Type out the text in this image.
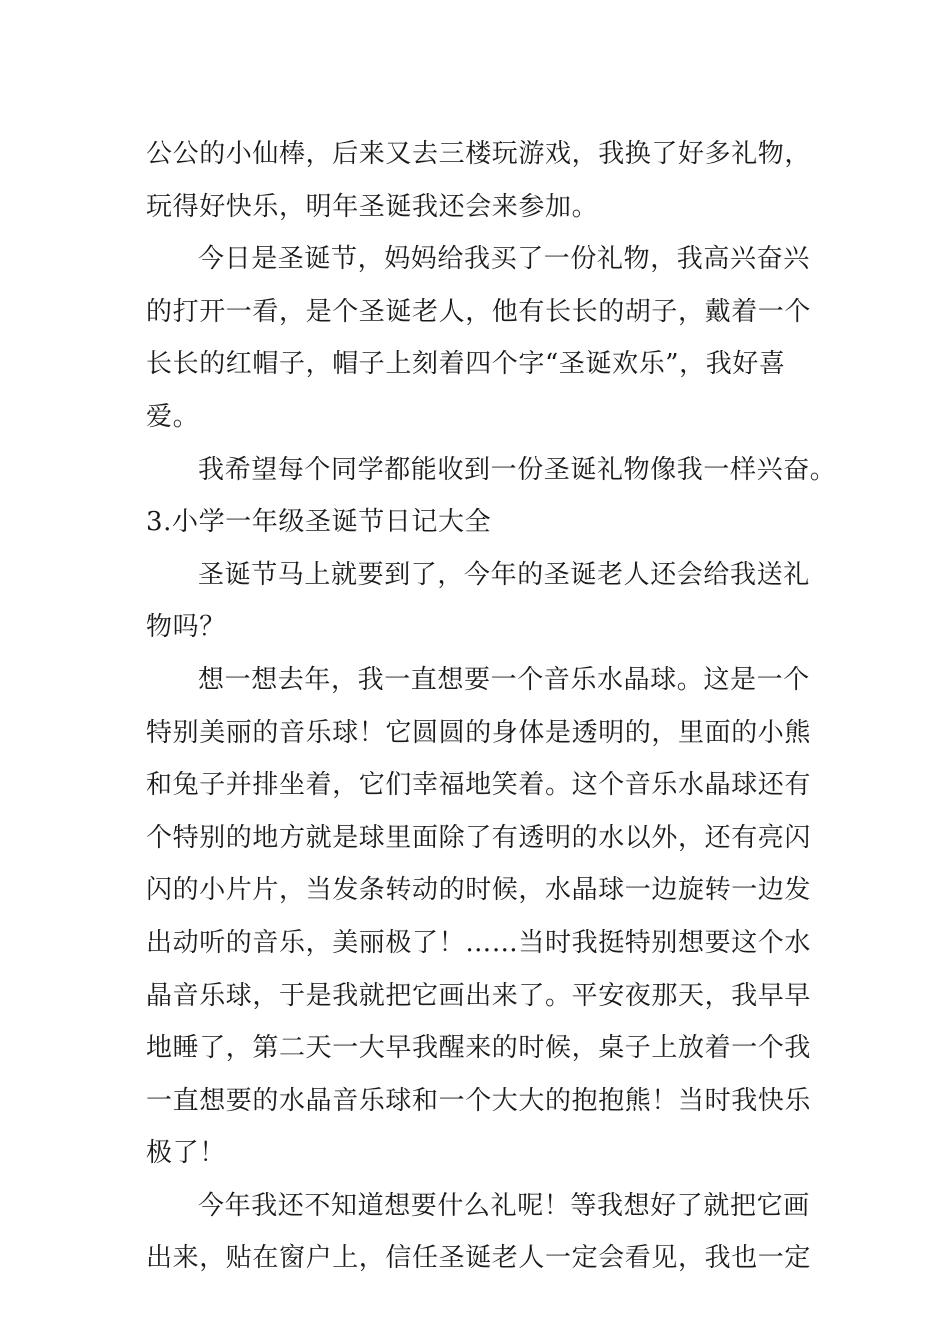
公公的小仙棒，后来又去三楼玩游戏，我换了好多礼物，
玩得好快乐，明年圣诞我还会来参加。
今日是圣诞节，妈妈给我买了一份礼物，我高兴奋兴
的打开一看，是个圣诞老人，他有长长的胡子，戴着一个
长长的红帽子，帽子上刻着四个字“圣诞欢乐”，我好喜
爱。
我希望每个同学都能收到一份圣诞礼物像我一样兴奋。
3.小学一年级圣诞节日记大全
圣诞节马上就要到了，今年的圣诞老人还会给我送礼
物吗？
想一想去年，我一直想要一个音乐水晶球。这是一个
特别美丽的音乐球！它圆圆的身体是透明的，里面的小熊
和兔子并排坐着，它们幸福地笑着。这个音乐水晶球还有
个特别的地方就是球里面除了有透明的水以外，还有亮闪
闪的小片片，当发条转动的时候，水晶球一边旋转一边发
出动听的音乐，美丽极了！……当时我挺特别想要这个水
晶音乐球，于是我就把它画出来了。平安夜那天，我早早
地睡了，第二天一大早我醒来的时候，桌子上放着一个我
一直想要的水晶音乐球和一个大大的抱抱熊！当时我快乐
极了！
今年我还不知道想要什么礼呢！等我想好了就把它画
出来，贴在窗户上，信任圣诞老人一定会看见，我也一定
